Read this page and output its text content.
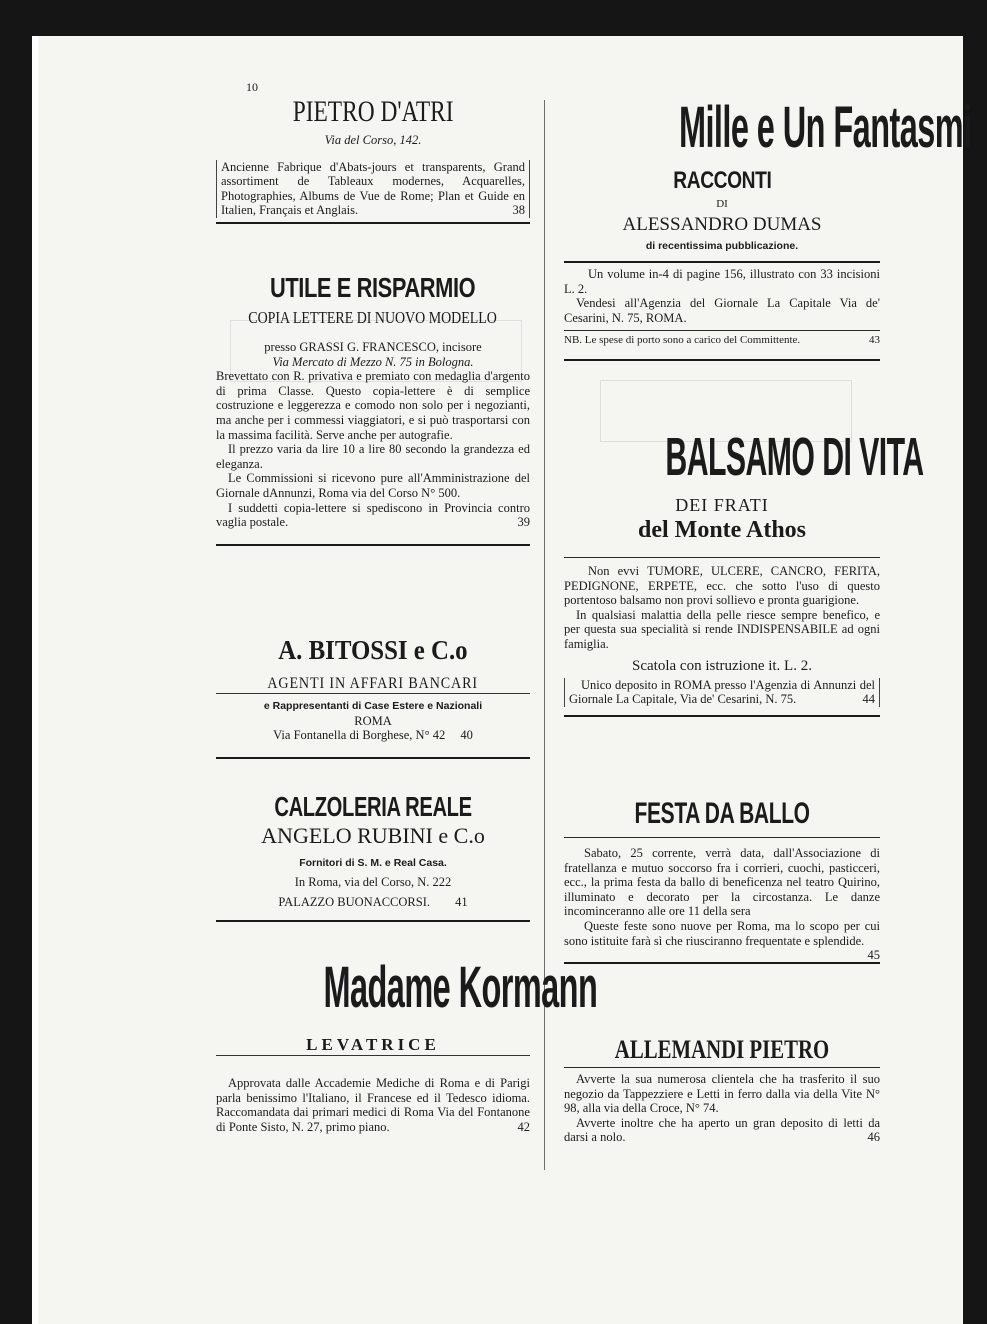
10
PIETRO D'ATRI

Via del Corso, 142.

Ancienne Fabrique d'Abats-jours et transparents, Grand assortiment de Tableaux modernes, Acquarelles, Photographies, Albums de Vue de Rome; Plan et Guide en Italien, Français et Anglais.	38

UTILE E RISPARMIO
COPIA LETTERE DI NUOVO MODELLO

presso GRASSI G. FRANCESCO, incisore

Via Mercato di Mezzo N. 75 in Bologna.

Brevettato con R. privativa e premiato con medaglia d'argento di prima Classe. Questo copia-lettere è di semplice costruzione e leggerezza e comodo non solo per i negozianti, ma anche per i commessi viaggiatori, e si può trasportarsi con la massima facilità. Serve anche per autografie.

Il prezzo varia da lire 10 a lire 80 secondo la grandezza ed eleganza.

Le Commissioni si ricevono pure all'Amministrazione del Giornale dAnnunzi, Roma via del Corso N° 500.

I suddetti copia-lettere si spediscono in Provincia contro vaglia postale.	39

A. BITOSSI e C.o
AGENTI IN AFFARI BANCARI

e Rappresentanti di Case Estere e Nazionali

ROMA

Via Fontanella di Borghese, N° 42 40

CALZOLERIA REALE
ANGELO RUBINI e C.o

Fornitori di S. M. e Real Casa.

In Roma, via del Corso, N. 222

PALAZZO BUONACCORSI. 41

Madame Kormann
LEVATRICE

Approvata dalle Accademie Mediche di Roma e di Parigi parla benissimo l'Italiano, il Francese ed il Tedesco idioma. Raccomandata dai primari medici di Roma Via del Fontanone di Ponte Sisto, N. 27, primo piano.	42

Mille e Un Fantasmi
RACCONTI

DI

ALESSANDRO DUMAS

di recentissima pubblicazione.

Un volume in-4 di pagine 156, illustrato con 33 incisioni L. 2.

Vendesi all'Agenzia del Giornale La Capitale Via de' Cesarini, N. 75, ROMA.

NB. Le spese di porto sono a carico del Committente.	43

BALSAMO DI VITA
DEI FRATI
del Monte Athos

Non evvi TUMORE, ULCERE, CANCRO, FERITA, PEDIGNONE, ERPETE, ecc. che sotto l'uso di questo portentoso balsamo non provi sollievo e pronta guarigione.

In qualsiasi malattia della pelle riesce sempre benefico, e per questa sua specialità si rende INDISPENSABILE ad ogni famiglia.

Scatola con istruzione it. L. 2.

Unico deposito in ROMA presso l'Agenzia di Annunzi del Giornale La Capitale, Via de' Cesarini, N. 75.	44

FESTA DA BALLO

Sabato, 25 corrente, verrà data, dall'Associazione di fratellanza e mutuo soccorso fra i corrieri, cuochi, pasticceri, ecc., la prima festa da ballo di beneficenza nel teatro Quirino, illuminato e decorato per la circostanza. Le danze incominceranno alle ore 11 della sera

Queste feste sono nuove per Roma, ma lo scopo per cui sono istituite farà sì che riusciranno frequentate e splendide.
45

ALLEMANDI PIETRO

Avverte la sua numerosa clientela che ha trasferito il suo negozio da Tappezziere e Letti in ferro dalla via della Vite N° 98, alla via della Croce, N° 74.

Avverte inoltre che ha aperto un gran deposito di letti da darsi a nolo.	46
